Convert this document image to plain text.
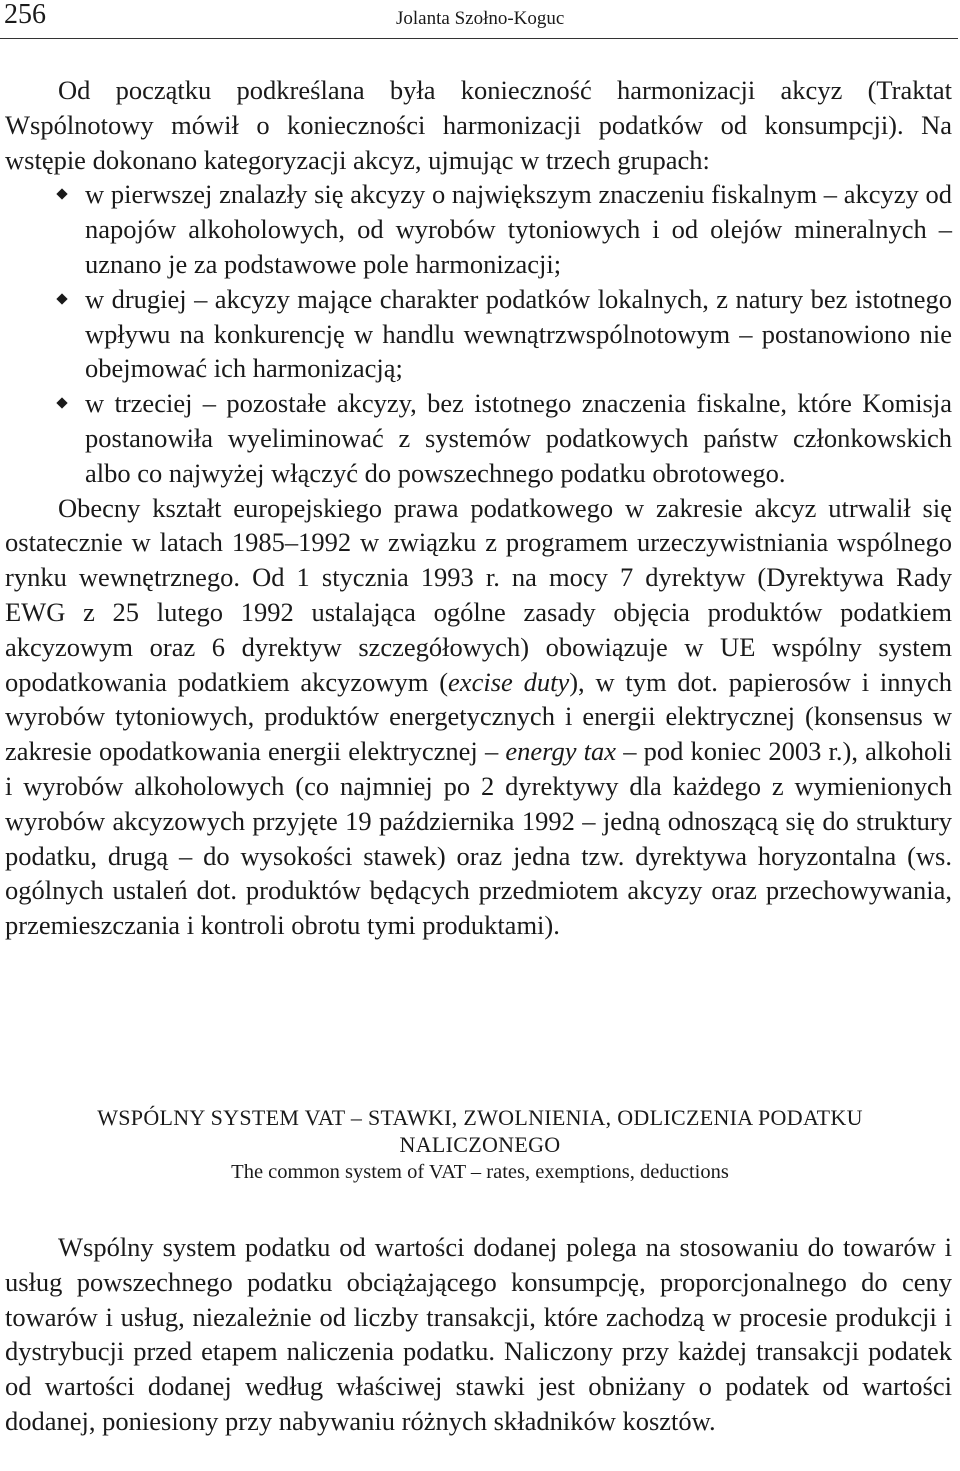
256	Jolanta Szołno-Koguc

Od początku podkreślana była konieczność harmonizacji akcyz (Traktat Wspólnotowy mówił o konieczności harmonizacji podatków od konsumpcji). Na wstępie dokonano kategoryzacji akcyz, ujmując w trzech grupach:

w pierwszej znalazły się akcyzy o największym znaczeniu fiskalnym – akcyzy od napojów alkoholowych, od wyrobów tytoniowych i od olejów mineralnych – uznano je za podstawowe pole harmonizacji;
w drugiej – akcyzy mające charakter podatków lokalnych, z natury bez istotnego wpływu na konkurencję w handlu wewnątrzwspólnotowym – postanowiono nie obejmować ich harmonizacją;
w trzeciej – pozostałe akcyzy, bez istotnego znaczenia fiskalne, które Komisja postanowiła wyeliminować z systemów podatkowych państw członkowskich albo co najwyżej włączyć do powszechnego podatku obrotowego.

Obecny kształt europejskiego prawa podatkowego w zakresie akcyz utrwalił się ostatecznie w latach 1985–1992 w związku z programem urzeczywistniania wspólnego rynku wewnętrznego. Od 1 stycznia 1993 r. na mocy 7 dyrektyw (Dyrektywa Rady EWG z 25 lutego 1992 ustalająca ogólne zasady objęcia produktów podatkiem akcyzowym oraz 6 dyrektyw szczegółowych) obowiązuje w UE wspólny system opodatkowania podatkiem akcyzowym (excise duty), w tym dot. papierosów i innych wyrobów tytoniowych, produktów energetycznych i energii elektrycznej (konsensus w zakresie opodatkowania energii elektrycznej – energy tax – pod koniec 2003 r.), alkoholi i wyrobów alkoholowych (co najmniej po 2 dyrektywy dla każdego z wymienionych wyrobów akcyzowych przyjęte 19 października 1992 – jedną odnoszącą się do struktury podatku, drugą – do wysokości stawek) oraz jedna tzw. dyrektywa horyzontalna (ws. ogólnych ustaleń dot. produktów będących przedmiotem akcyzy oraz przechowywania, przemieszczania i kontroli obrotu tymi produktami).

WSPÓLNY SYSTEM VAT – STAWKI, ZWOLNIENIA, ODLICZENIA PODATKU
NALICZONEGO
The common system of VAT – rates, exemptions, deductions

Wspólny system podatku od wartości dodanej polega na stosowaniu do towarów i usług powszechnego podatku obciążającego konsumpcję, proporcjonalnego do ceny towarów i usług, niezależnie od liczby transakcji, które zachodzą w procesie produkcji i dystrybucji przed etapem naliczenia podatku. Naliczony przy każdej transakcji podatek od wartości dodanej według właściwej stawki jest obniżany o podatek od wartości dodanej, poniesiony przy nabywaniu różnych składników kosztów.
